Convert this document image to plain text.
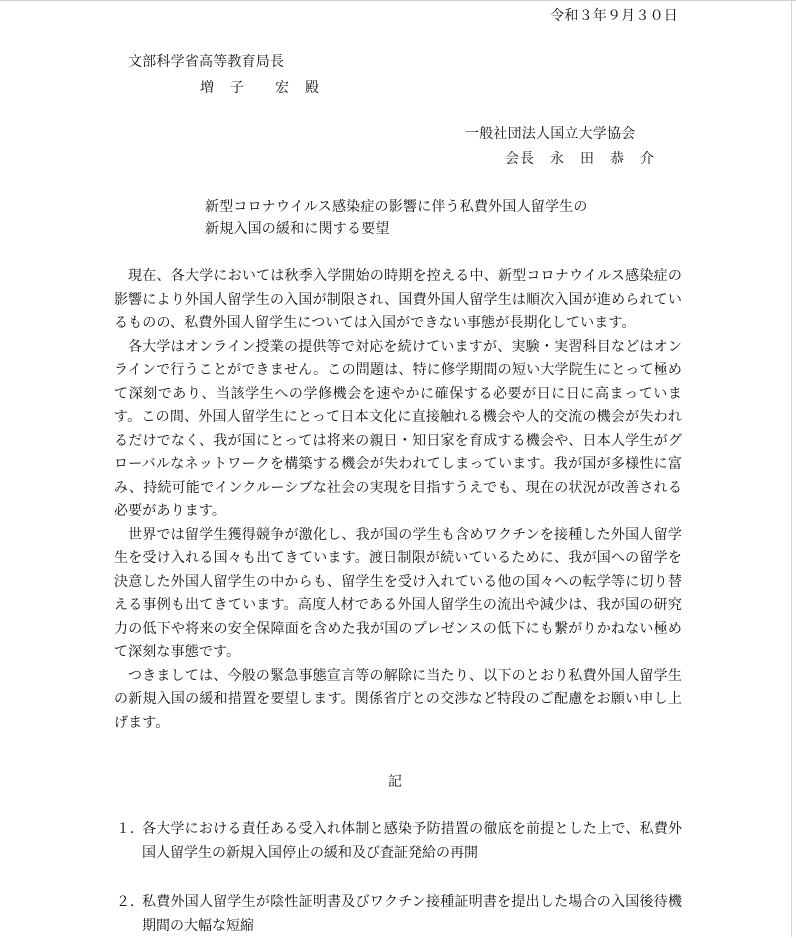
令和３年９月３０日
文部科学省高等教育局長
増　子　　宏　殿
一般社団法人国立大学協会
会長　永　田　恭　介
新型コロナウイルス感染症の影響に伴う私費外国人留学生の
新規入国の緩和に関する要望

現在、各大学においては秋季入学開始の時期を控える中、新型コロナウイルス感染症の影響により外国人留学生の入国が制限され、国費外国人留学生は順次入国が進められているものの、私費外国人留学生については入国ができない事態が長期化しています。

各大学はオンライン授業の提供等で対応を続けていますが、実験・実習科目などはオンラインで行うことができません。この問題は、特に修学期間の短い大学院生にとって極めて深刻であり、当該学生への学修機会を速やかに確保する必要が日に日に高まっています。この間、外国人留学生にとって日本文化に直接触れる機会や人的交流の機会が失われるだけでなく、我が国にとっては将来の親日・知日家を育成する機会や、日本人学生がグローバルなネットワークを構築する機会が失われてしまっています。我が国が多様性に富み、持続可能でインクルーシブな社会の実現を目指すうえでも、現在の状況が改善される必要があります。

世界では留学生獲得競争が激化し、我が国の学生も含めワクチンを接種した外国人留学生を受け入れる国々も出てきています。渡日制限が続いているために、我が国への留学を決意した外国人留学生の中からも、留学生を受け入れている他の国々への転学等に切り替える事例も出てきています。高度人材である外国人留学生の流出や減少は、我が国の研究力の低下や将来の安全保障面を含めた我が国のプレゼンスの低下にも繋がりかねない極めて深刻な事態です。

つきましては、今般の緊急事態宣言等の解除に当たり、以下のとおり私費外国人留学生の新規入国の緩和措置を要望します。関係省庁との交渉など特段のご配慮をお願い申し上げます。

記
１．
各大学における責任ある受入れ体制と感染予防措置の徹底を前提とした上で、私費外国人留学生の新規入国停止の緩和及び査証発給の再開
２．
私費外国人留学生が陰性証明書及びワクチン接種証明書を提出した場合の入国後待機期間の大幅な短縮
